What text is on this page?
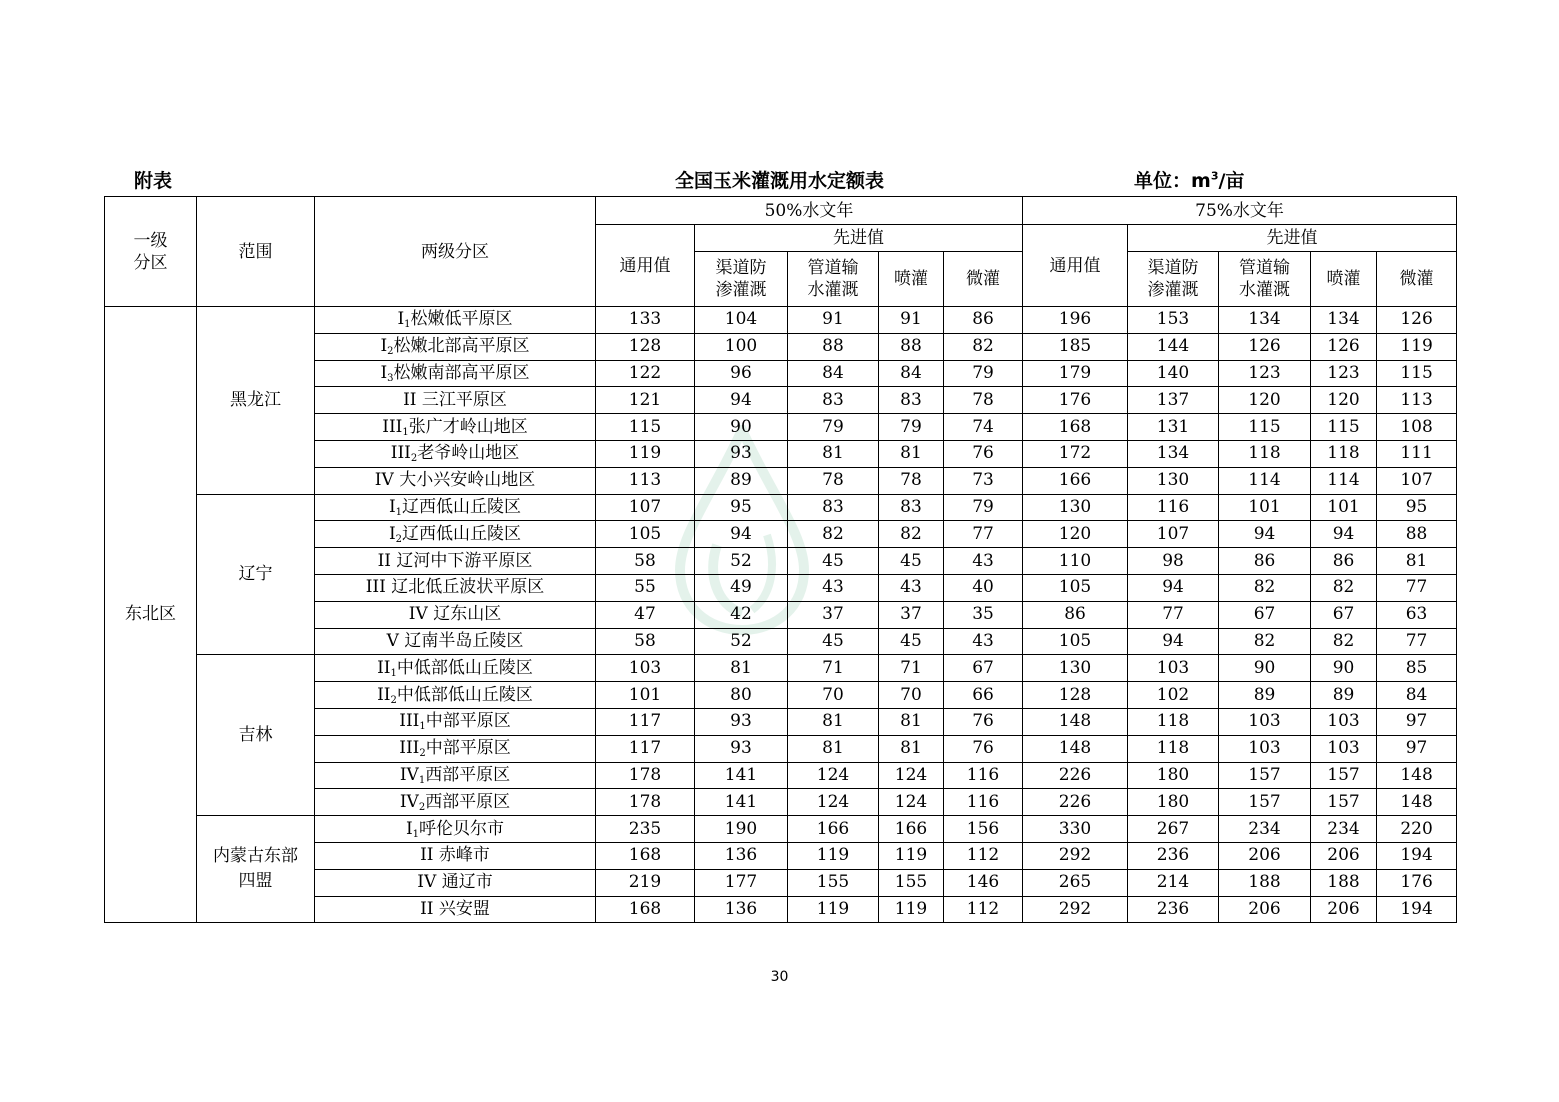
附表	全国玉米灌溉用水定额表	单位：$m^3/$亩
一级分区	范围	两级分区	50%水文年					75%水文年				
			通用值	先进值				通用值	先进值			
				渠道防渗灌溉	管道输水灌溉	喷灌	微灌		渠道防渗灌溉	管道输水灌溉	喷灌	微灌
东北区	黑龙江	$I_1$松嫩低平原区	133	104	91	91	86	196	153	134	134	126
		$I_2$松嫩北部高平原区	128	100	88	88	82	185	144	126	126	119
		$I_3$松嫩南部高平原区	122	96	84	84	79	179	140	123	123	115
		II 三江平原区	121	94	83	83	78	176	137	120	120	113
		$III_1$张广才岭山地区	115	90	79	79	74	168	131	115	115	108
		$III_2$老爷岭山地区	119	93	81	81	76	172	134	118	118	111
		IV 大小兴安岭山地区	113	89	78	78	73	166	130	114	114	107
	辽宁	$I_1$辽西低山丘陵区	107	95	83	83	79	130	116	101	101	95
		$I_2$辽西低山丘陵区	105	94	82	82	77	120	107	94	94	88
		II 辽河中下游平原区	58	52	45	45	43	110	98	86	86	81
		III 辽北低丘波状平原区	55	49	43	43	40	105	94	82	82	77
		IV 辽东山区	47	42	37	37	35	86	77	67	67	63
		V 辽南半岛丘陵区	58	52	45	45	43	105	94	82	82	77
	吉林	$II_1$中低部低山丘陵区	103	81	71	71	67	130	103	90	90	85
		$II_2$中低部低山丘陵区	101	80	70	70	66	128	102	89	89	84
		$III_1$中部平原区	117	93	81	81	76	148	118	103	103	97
		$III_2$中部平原区	117	93	81	81	76	148	118	103	103	97
		$IV_1$西部平原区	178	141	124	124	116	226	180	157	157	148
		$IV_2$西部平原区	178	141	124	124	116	226	180	157	157	148
	内蒙古东部四盟	$I_1$呼伦贝尔市	235	190	166	166	156	330	267	234	234	220
		II 赤峰市	168	136	119	119	112	292	236	206	206	194
		IV 通辽市	219	177	155	155	146	265	214	188	188	176
		II 兴安盟	168	136	119	119	112	292	236	206	206	194
30
